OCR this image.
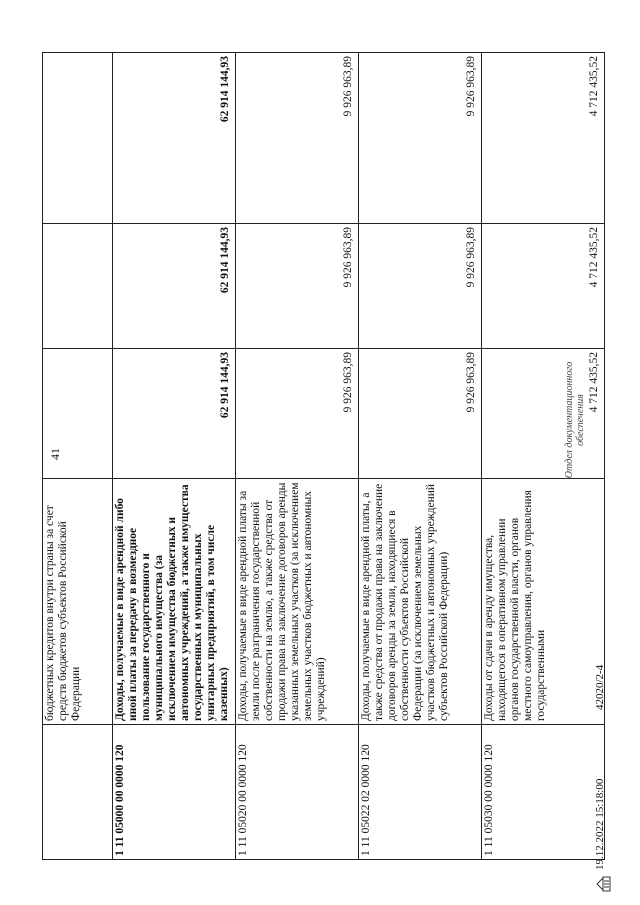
41
	бюджетных кредитов внутри страны за счет средств бюджетов субъектов Российской Федерации			
1 11 05000 00 0000 120	Доходы, получаемые в виде арендной либо иной платы за передачу в возмездное пользование государственного и муниципального имущества (за исключением имущества бюджетных и автономных учреждений, а также имущества государственных и муниципальных унитарных предприятий, в том числе казенных)	62 914 144,93	62 914 144,93	62 914 144,93
1 11 05020 00 0000 120	Доходы, получаемые в виде арендной платы за земли после разграничения государственной собственности на землю, а также средства от продажи права на заключение договоров аренды указанных земельных участков (за исключением земельных участков бюджетных и автономных учреждений)	9 926 963,89	9 926 963,89	9 926 963,89
1 11 05022 02 0000 120	Доходы, получаемые в виде арендной платы, а также средства от продажи права на заключение договоров аренды за земли, находящиеся в собственности субъектов Российской Федерации (за исключением земельных участков бюджетных и автономных учреждений субъектов Российской Федерации)	9 926 963,89	9 926 963,89	9 926 963,89
1 11 05030 00 0000 120	Доходы от сдачи в аренду имущества, находящегося в оперативном управлении органов государственной власти, органов местного самоуправления, органов управления государственными	4 712 435,52	4 712 435,52	4 712 435,52
19.12.2022 15:18:00
42020/2-4
Отдел документационного обеспечения
